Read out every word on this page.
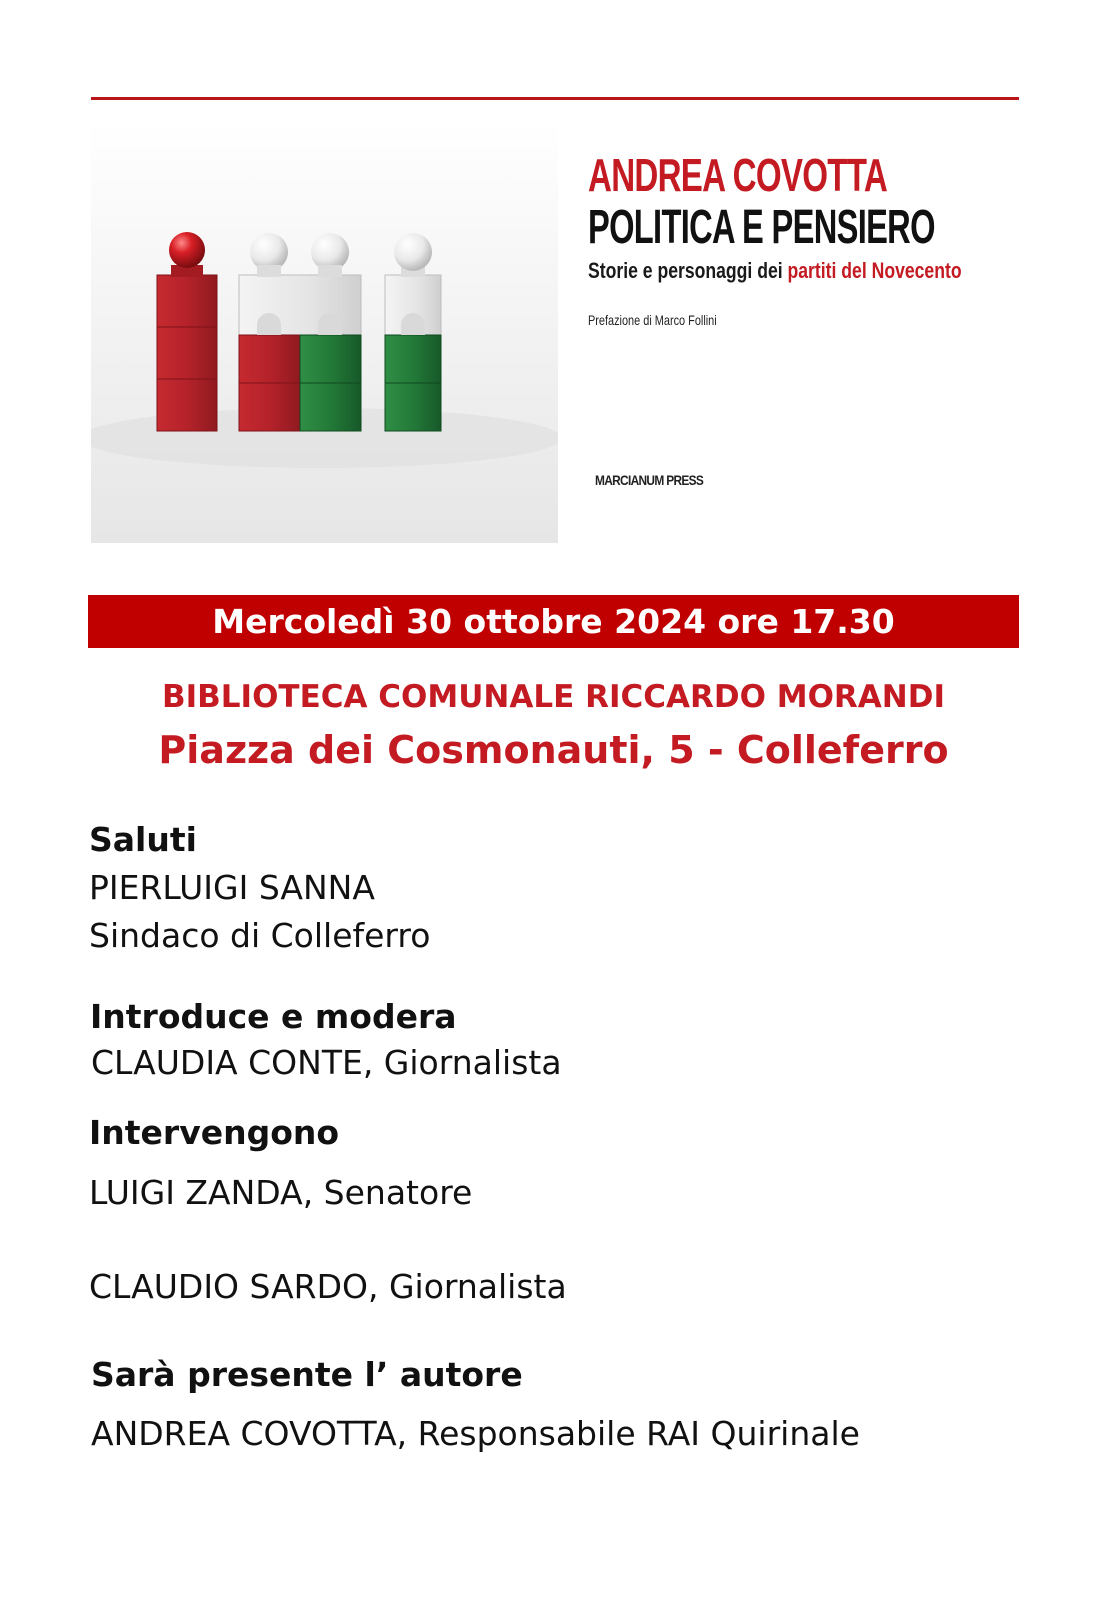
ANDREA COVOTTA

POLITICA E PENSIERO

Storie e personaggi dei partiti del Novecento

Prefazione di Marco Follini

MARCIANUM PRESS

Mercoledì 30 ottobre 2024 ore 17.30

BIBLIOTECA COMUNALE RICCARDO MORANDI

Piazza dei Cosmonauti, 5 - Colleferro

Saluti

PIERLUIGI SANNA

Sindaco di Colleferro

Introduce e modera

CLAUDIA CONTE, Giornalista

Intervengono

LUIGI ZANDA, Senatore

CLAUDIO SARDO, Giornalista

Sarà presente l’ autore

ANDREA COVOTTA, Responsabile RAI Quirinale
